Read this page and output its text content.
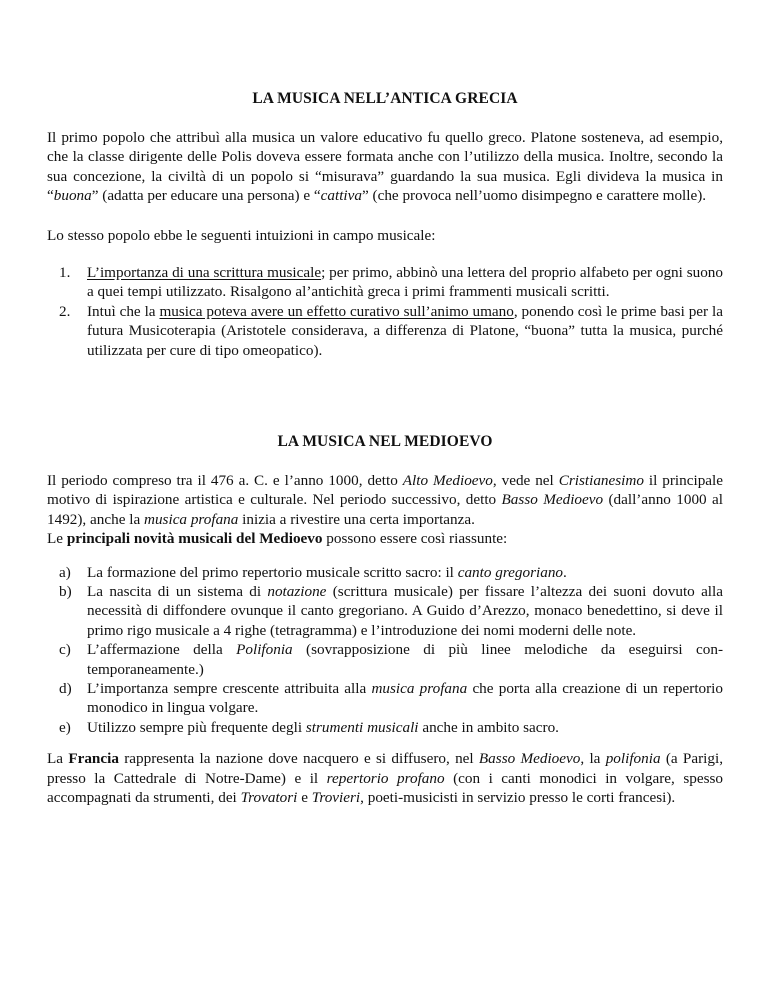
LA MUSICA NELL’ANTICA GRECIA

Il primo popolo che attribuì alla musica un valore educativo fu quello greco. Platone sosteneva, ad esempio, che la classe dirigente delle Polis doveva essere formata anche con l’utilizzo della musica. Inoltre, secondo la sua concezione, la civiltà di un popolo si “misurava” guardando la sua musica. Egli divideva la musica in “buona” (adatta per educare una persona) e “cattiva” (che provoca nell’uomo disimpegno e carattere molle).

Lo stesso popolo ebbe le seguenti intuizioni in campo musicale:

1.	L’importanza di una scrittura musicale; per primo, abbinò una lettera del proprio alfabeto per ogni suono a quei tempi utilizzato. Risalgono al’antichità greca i primi frammenti musicali scritti.
2.	Intuì che la musica poteva avere un effetto curativo sull’animo umano, ponendo così le prime basi per la futura Musicoterapia (Aristotele considerava, a differenza di Platone, “buona” tutta la musica, purché utilizzata per cure di tipo omeopatico).
LA MUSICA NEL MEDIOEVO

Il periodo compreso tra il 476 a. C. e l’anno 1000, detto Alto Medioevo, vede nel Cristianesimo il principale motivo di ispirazione artistica e culturale. Nel periodo successivo, detto Basso Medioevo (dall’anno 1000 al 1492), anche la musica profana inizia a rivestire una certa importanza.

Le principali novità musicali del Medioevo possono essere così riassunte:

a)	La formazione del primo repertorio musicale scritto sacro: il canto gregoriano.
b)	La nascita di un sistema di notazione (scrittura musicale) per fissare l’altezza dei suoni dovuto alla necessità di diffondere ovunque il canto gregoriano. A Guido d’Arezzo, monaco benedettino, si deve il primo rigo musicale a 4 righe (tetragramma) e l’introduzione dei nomi moderni delle note.
c)	L’affermazione della Polifonia (sovrapposizione di più linee melodiche da eseguirsi contemporaneamente.)
d)	L’importanza sempre crescente attribuita alla musica profana che porta alla creazione di un repertorio monodico in lingua volgare.
e)	Utilizzo sempre più frequente degli strumenti musicali anche in ambito sacro.

La Francia rappresenta la nazione dove nacquero e si diffusero, nel Basso Medioevo, la polifonia (a Parigi, presso la Cattedrale di Notre-Dame) e il repertorio profano (con i canti monodici in volgare, spesso accompagnati da strumenti, dei Trovatori e Trovieri, poeti-musicisti in servizio presso le corti francesi).
